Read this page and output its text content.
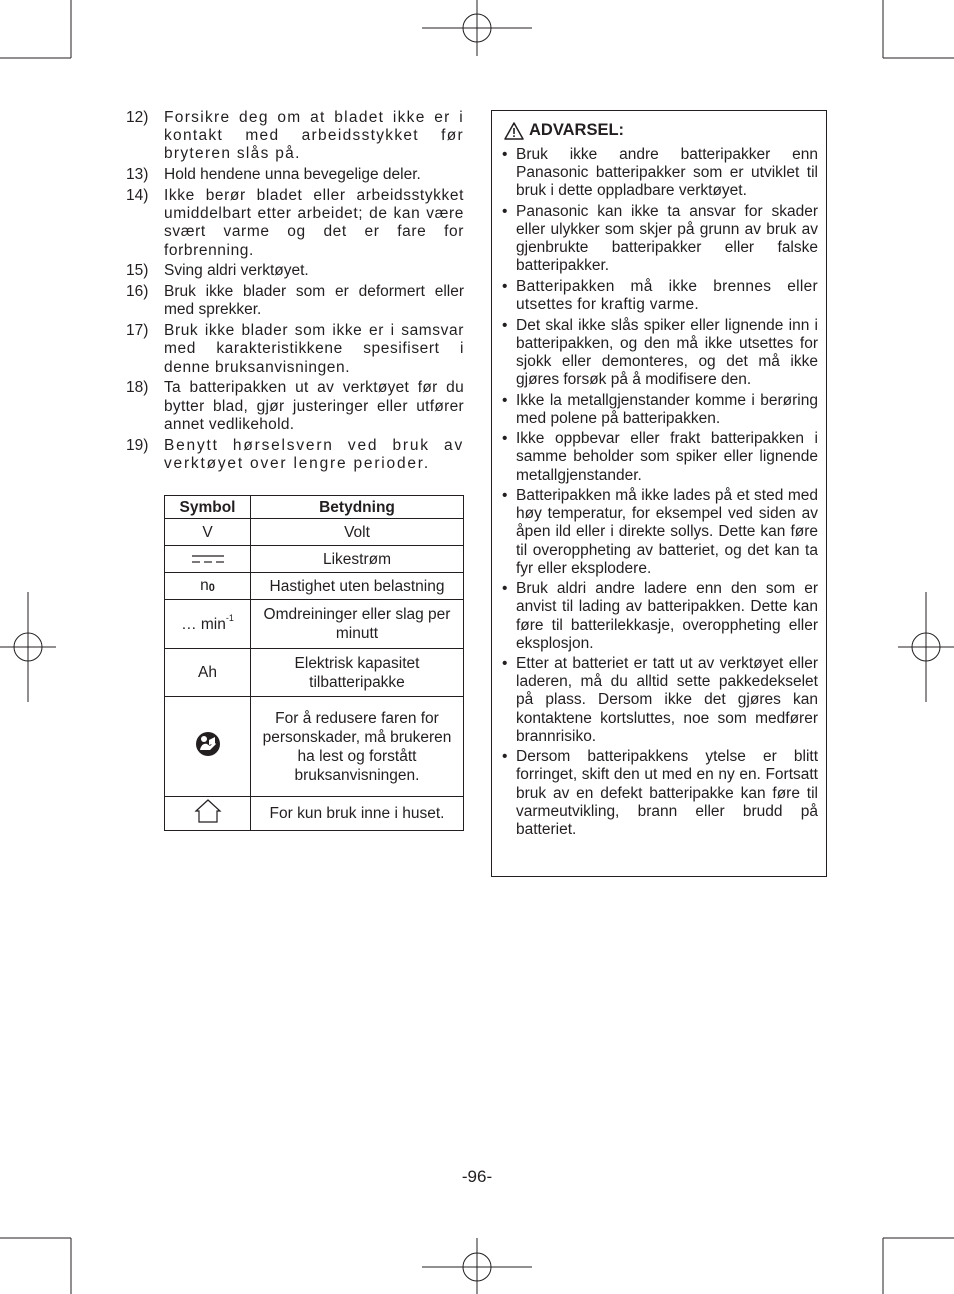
12)	Forsikre deg om at bladet ikke er i kontakt med arbeidsstykket før bryteren slås på.
13)	Hold hendene unna bevegelige deler.
14)	Ikke berør bladet eller arbeidsstykket umiddelbart etter arbeidet; de kan være svært varme og det er fare for forbrenning.
15)	Sving aldri verktøyet.
16)	Bruk ikke blader som er deformert eller med sprekker.
17)	Bruk ikke blader som ikke er i samsvar med karakteristikkene spesifisert i denne bruksanvisningen.
18)	Ta batteripakken ut av verktøyet før du bytter blad, gjør justeringer eller utfører annet vedlikehold.
19)	Benytt hørselsvern ved bruk av verktøyet over lengre perioder.
Symbol	Betydning
V	Volt
	Likestrøm
n0	Hastighet uten belastning
… $\min^{-1}$	Omdreininger eller slag per minutt
Ah	Elektrisk kapasitet tilbatteripakke
	For å redusere faren for personskader, må brukeren ha lest og forstått bruksanvisningen.
	For kun bruk inne i huset.
ADVARSEL:
• Bruk ikke andre batteripakker enn Panasonic batteripakker som er utviklet til bruk i dette oppladbare verktøyet.
• Panasonic kan ikke ta ansvar for skader eller ulykker som skjer på grunn av bruk av gjenbrukte batteripakker eller falske batteripakker.
• Batteripakken må ikke brennes eller utsettes for kraftig varme.
• Det skal ikke slås spiker eller lignende inn i batteripakken, og den må ikke utsettes for sjokk eller demonteres, og det må ikke gjøres forsøk på å modifisere den.
• Ikke la metallgjenstander komme i berøring med polene på batteripakken.
• Ikke oppbevar eller frakt batteripakken i samme beholder som spiker eller lignende metallgjenstander.
• Batteripakken må ikke lades på et sted med høy temperatur, for eksempel ved siden av åpen ild eller i direkte sollys. Dette kan føre til overoppheting av batteriet, og det kan ta fyr eller eksplodere.
• Bruk aldri andre ladere enn den som er anvist til lading av batteripakken. Dette kan føre til batterilekkasje, overoppheting eller eksplosjon.
• Etter at batteriet er tatt ut av verktøyet eller laderen, må du alltid sette pakkedekselet på plass. Dersom ikke det gjøres kan kontaktene kortsluttes, noe som medfører brannrisiko.
• Dersom batteripakkens ytelse er blitt forringet, skift den ut med en ny en. Fortsatt bruk av en defekt batteripakke kan føre til varmeutvikling, brann eller brudd på batteriet.
-96-
